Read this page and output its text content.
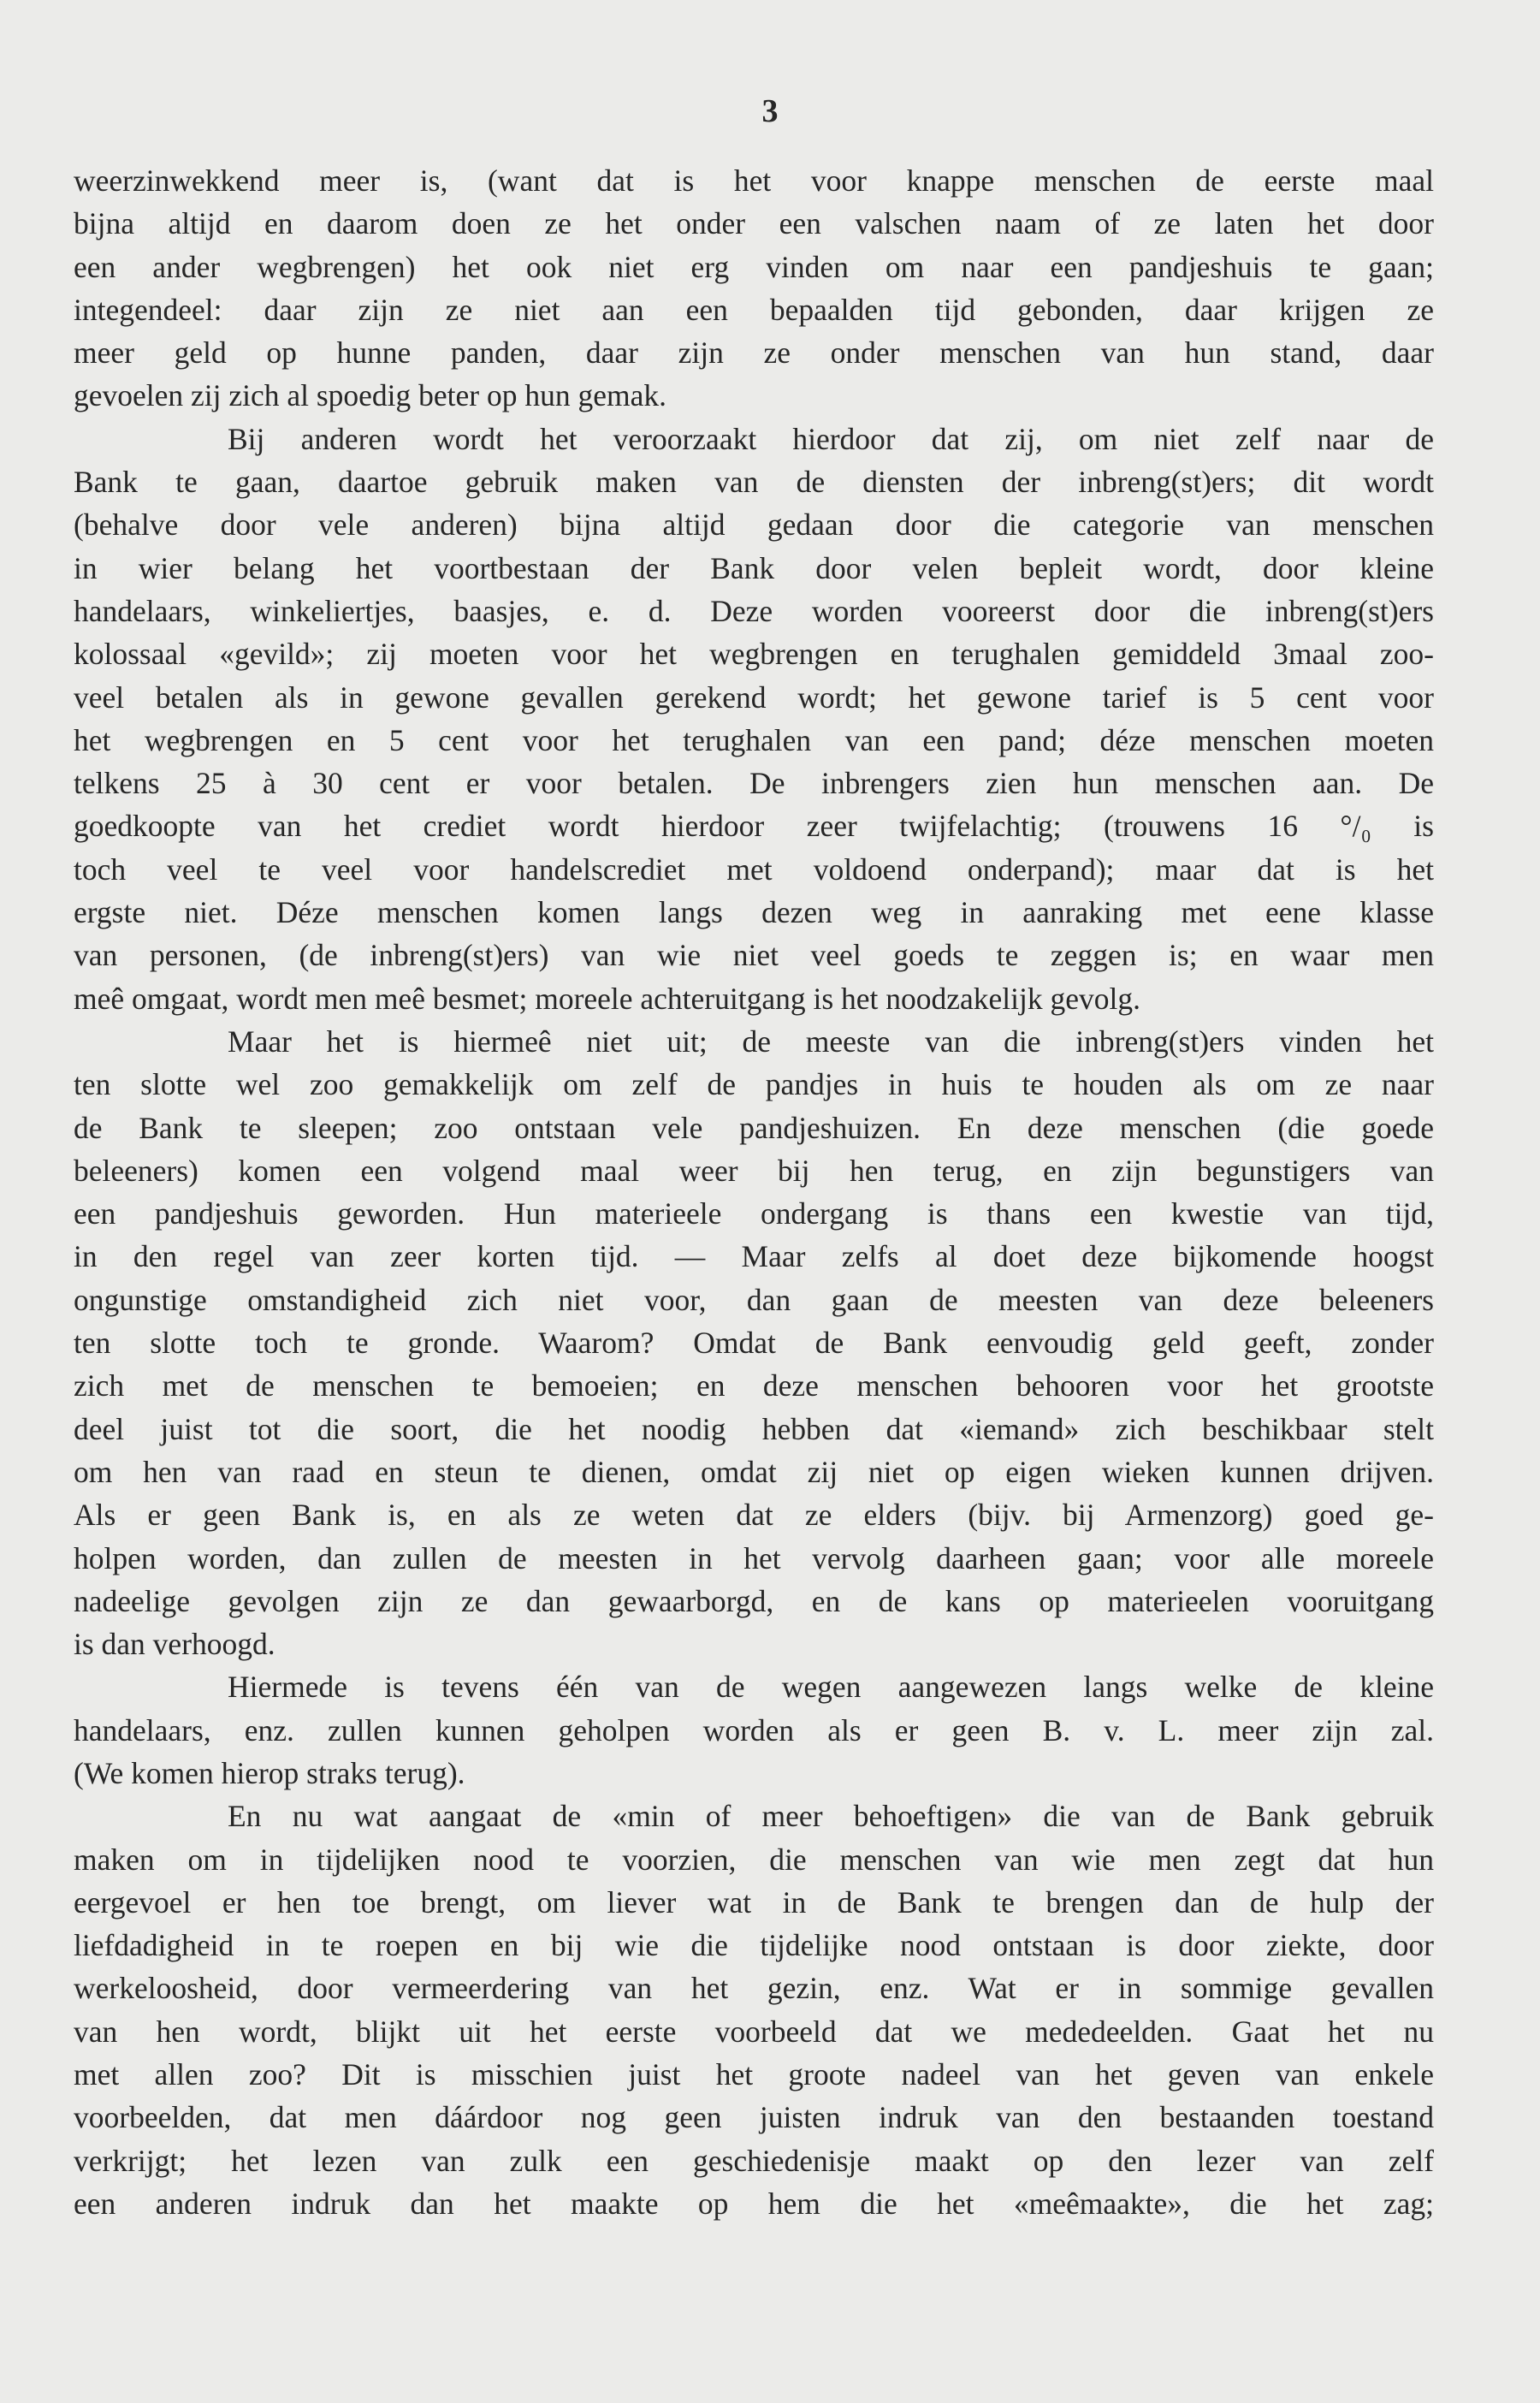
3
weerzinwekkend meer is, (want dat is het voor knappe menschen de eerste maal
bijna altijd en daarom doen ze het onder een valschen naam of ze laten het door
een ander wegbrengen) het ook niet erg vinden om naar een pandjeshuis te gaan;
integendeel: daar zijn ze niet aan een bepaalden tijd gebonden, daar krijgen ze
meer geld op hunne panden, daar zijn ze onder menschen van hun stand, daar
gevoelen zij zich al spoedig beter op hun gemak.
Bij anderen wordt het veroorzaakt hierdoor dat zij, om niet zelf naar de
Bank te gaan, daartoe gebruik maken van de diensten der inbreng(st)ers; dit wordt
(behalve door vele anderen) bijna altijd gedaan door die categorie van menschen
in wier belang het voortbestaan der Bank door velen bepleit wordt, door kleine
handelaars, winkeliertjes, baasjes, e. d. Deze worden vooreerst door die inbreng(st)ers
kolossaal «gevild»; zij moeten voor het wegbrengen en terughalen gemiddeld 3maal zoo-
veel betalen als in gewone gevallen gerekend wordt; het gewone tarief is 5 cent voor
het wegbrengen en 5 cent voor het terughalen van een pand; déze menschen moeten
telkens 25 à 30 cent er voor betalen. De inbrengers zien hun menschen aan. De
goedkoopte van het crediet wordt hierdoor zeer twijfelachtig; (trouwens 16 °/₀ is
toch veel te veel voor handelscrediet met voldoend onderpand); maar dat is het
ergste niet. Déze menschen komen langs dezen weg in aanraking met eene klasse
van personen, (de inbreng(st)ers) van wie niet veel goeds te zeggen is; en waar men
meê omgaat, wordt men meê besmet; moreele achteruitgang is het noodzakelijk gevolg.
Maar het is hiermeê niet uit; de meeste van die inbreng(st)ers vinden het
ten slotte wel zoo gemakkelijk om zelf de pandjes in huis te houden als om ze naar
de Bank te sleepen; zoo ontstaan vele pandjeshuizen. En deze menschen (die goede
beleeners) komen een volgend maal weer bij hen terug, en zijn begunstigers van
een pandjeshuis geworden. Hun materieele ondergang is thans een kwestie van tijd,
in den regel van zeer korten tijd. — Maar zelfs al doet deze bijkomende hoogst
ongunstige omstandigheid zich niet voor, dan gaan de meesten van deze beleeners
ten slotte toch te gronde. Waarom? Omdat de Bank eenvoudig geld geeft, zonder
zich met de menschen te bemoeien; en deze menschen behooren voor het grootste
deel juist tot die soort, die het noodig hebben dat «iemand» zich beschikbaar stelt
om hen van raad en steun te dienen, omdat zij niet op eigen wieken kunnen drijven.
Als er geen Bank is, en als ze weten dat ze elders (bijv. bij Armenzorg) goed ge-
holpen worden, dan zullen de meesten in het vervolg daarheen gaan; voor alle moreele
nadeelige gevolgen zijn ze dan gewaarborgd, en de kans op materieelen vooruitgang
is dan verhoogd.
Hiermede is tevens één van de wegen aangewezen langs welke de kleine
handelaars, enz. zullen kunnen geholpen worden als er geen B. v. L. meer zijn zal.
(We komen hierop straks terug).
En nu wat aangaat de «min of meer behoeftigen» die van de Bank gebruik
maken om in tijdelijken nood te voorzien, die menschen van wie men zegt dat hun
eergevoel er hen toe brengt, om liever wat in de Bank te brengen dan de hulp der
liefdadigheid in te roepen en bij wie die tijdelijke nood ontstaan is door ziekte, door
werkeloosheid, door vermeerdering van het gezin, enz. Wat er in sommige gevallen
van hen wordt, blijkt uit het eerste voorbeeld dat we mededeelden. Gaat het nu
met allen zoo? Dit is misschien juist het groote nadeel van het geven van enkele
voorbeelden, dat men dáárdoor nog geen juisten indruk van den bestaanden toestand
verkrijgt; het lezen van zulk een geschiedenisje maakt op den lezer van zelf
een anderen indruk dan het maakte op hem die het «meêmaakte», die het zag;
